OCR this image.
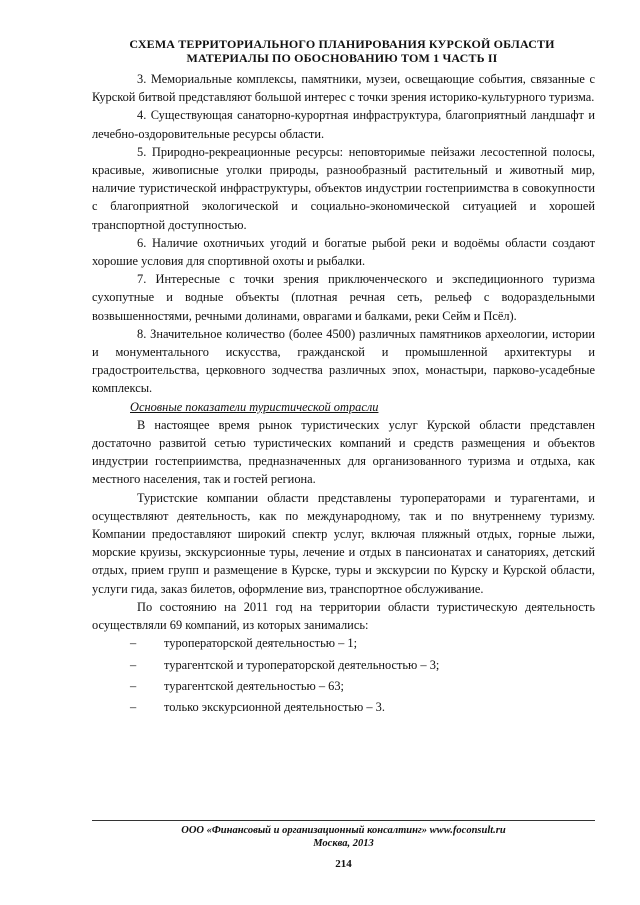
СХЕМА ТЕРРИТОРИАЛЬНОГО ПЛАНИРОВАНИЯ КУРСКОЙ ОБЛАСТИ
МАТЕРИАЛЫ ПО ОБОСНОВАНИЮ ТОМ 1 ЧАСТЬ II

3. Мемориальные комплексы, памятники, музеи, освещающие события, связанные с Курской битвой представляют большой интерес с точки зрения историко-культурного туризма.

4. Существующая санаторно-курортная инфраструктура, благоприятный ландшафт и лечебно-оздоровительные ресурсы области.

5. Природно-рекреационные ресурсы: неповторимые пейзажи лесостепной полосы, красивые, живописные уголки природы, разнообразный растительный и животный мир, наличие туристической инфраструктуры, объектов индустрии гостеприимства в совокупности с благоприятной экологической и социально-экономической ситуацией и хорошей транспортной доступностью.

6. Наличие охотничьих угодий и богатые рыбой реки и водоёмы области создают хорошие условия для спортивной охоты и рыбалки.

7. Интересные с точки зрения приключенческого и экспедиционного туризма сухопутные и водные объекты (плотная речная сеть, рельеф с водораздельными возвышенностями, речными долинами, оврагами и балками, реки Сейм и Псёл).

8. Значительное количество (более 4500) различных памятников археологии, истории и монументального искусства, гражданской и промышленной архитектуры и градостроительства, церковного зодчества различных эпох, монастыри, парково-усадебные комплексы.

Основные показатели туристической отрасли

В настоящее время рынок туристических услуг Курской области представлен достаточно развитой сетью туристических компаний и средств размещения и объектов индустрии гостеприимства, предназначенных для организованного туризма и отдыха, как местного населения, так и гостей региона.

Туристские компании области представлены туроператорами и турагентами, и осуществляют деятельность, как по международному, так и по внутреннему туризму. Компании предоставляют широкий спектр услуг, включая пляжный отдых, горные лыжи, морские круизы, экскурсионные туры, лечение и отдых в пансионатах и санаториях, детский отдых, прием групп и размещение в Курске, туры и экскурсии по Курску и Курской области, услуги гида, заказ билетов, оформление виз, транспортное обслуживание.

По состоянию на 2011 год на территории области туристическую деятельность осуществляли 69 компаний, из которых занимались:

–	туроператорской деятельностью – 1;
–	турагентской и туроператорской деятельностью – 3;
–	турагентской деятельностью – 63;
–	только экскурсионной деятельностью – 3.
ООО «Финансовый и организационный консалтинг» www.foconsult.ru
Москва, 2013
214
